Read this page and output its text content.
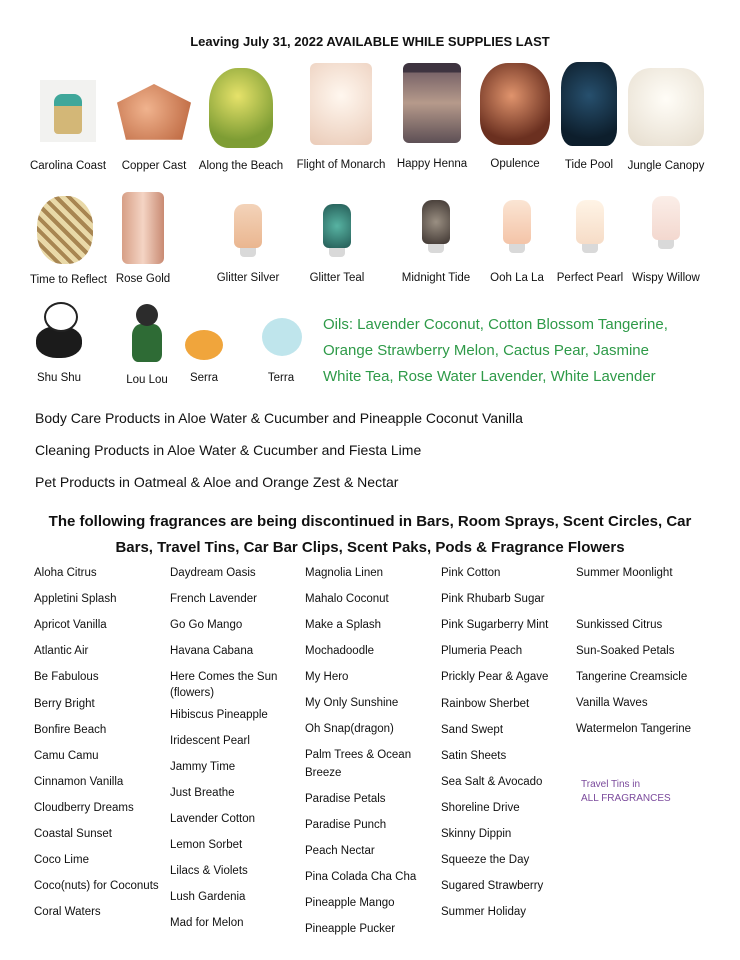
Leaving July 31, 2022 AVAILABLE WHILE SUPPLIES LAST
Carolina Coast	Copper Cast	Along the Beach Flight of Monarch Happy Henna	Opulence	Tide Pool	Jungle Canopy
Time to Reflect Rose Gold	Glitter Silver	Glitter Teal	Midnight Tide	Ooh La La	Perfect Pearl Wispy Willow
Shu Shu	Lou Lou	Serra	Terra
Oils: Lavender Coconut, Cotton Blossom Tangerine,
Orange Strawberry Melon, Cactus Pear, Jasmine
White Tea, Rose Water Lavender, White Lavender
Body Care Products in Aloe Water & Cucumber and Pineapple Coconut Vanilla
Cleaning Products in Aloe Water & Cucumber and Fiesta Lime
Pet Products in Oatmeal & Aloe and Orange Zest & Nectar
The following fragrances are being discontinued in Bars, Room Sprays, Scent Circles, Car
Bars, Travel Tins, Car Bar Clips, Scent Paks, Pods & Fragrance Flowers
Aloha Citrus
Appletini Splash
Apricot Vanilla
Atlantic Air
Be Fabulous
Berry Bright
Bonfire Beach
Camu Camu
Cinnamon Vanilla
Cloudberry Dreams
Coastal Sunset
Coco Lime
Coco(nuts) for Coconuts
Coral Waters
Daydream Oasis
French Lavender
Go Go Mango
Havana Cabana
Here Comes the Sun
(flowers)
Hibiscus Pineapple
Iridescent Pearl
Jammy Time
Just Breathe
Lavender Cotton
Lemon Sorbet
Lilacs & Violets
Lush Gardenia
Mad for Melon
Magnolia Linen
Mahalo Coconut
Make a Splash
Mochadoodle
My Hero
My Only Sunshine
Oh Snap(dragon)
Palm Trees & Ocean
Breeze
Paradise Petals
Paradise Punch
Peach Nectar
Pina Colada Cha Cha
Pineapple Mango
Pineapple Pucker
Pink Cotton
Pink Rhubarb Sugar
Pink Sugarberry Mint
Plumeria Peach
Prickly Pear & Agave
Rainbow Sherbet
Sand Swept
Satin Sheets
Sea Salt & Avocado
Shoreline Drive
Skinny Dippin
Squeeze the Day
Sugared Strawberry
Summer Holiday
Summer Moonlight
Sunkissed Citrus
Sun-Soaked Petals
Tangerine Creamsicle
Vanilla Waves
Watermelon Tangerine
Travel Tins in
ALL FRAGRANCES
